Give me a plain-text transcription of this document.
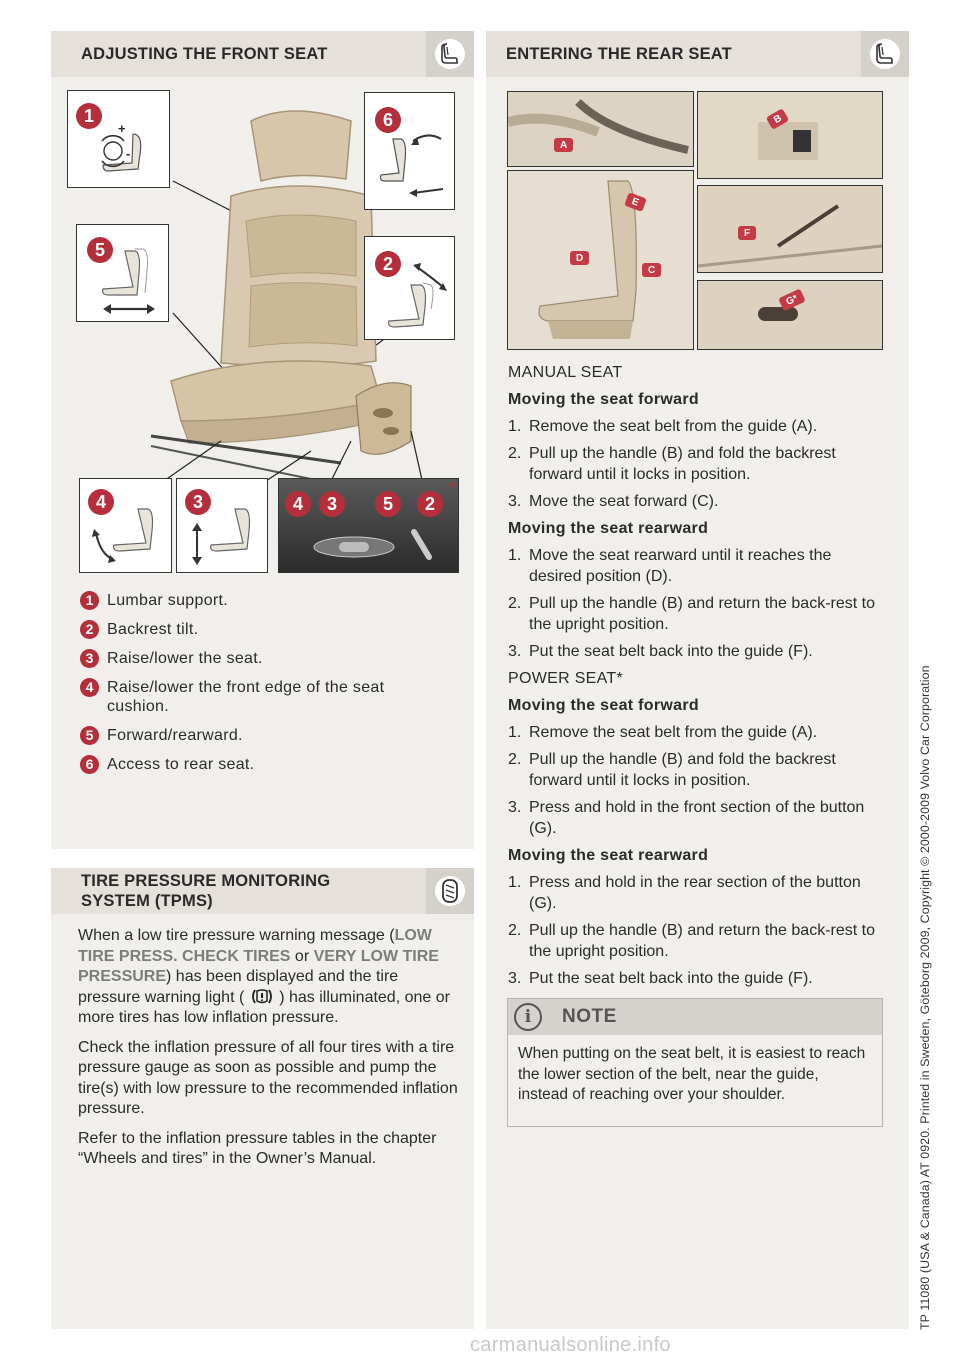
ADJUSTING THE FRONT SEAT
1
+
-
6
5
2
4	3	4	3	5	2
*
1 Lumbar support.
2 Backrest tilt.
3 Raise/lower the seat.
4 Raise/lower the front edge of the seat cushion.
5 Forward/rearward.
6 Access to rear seat.
TIRE PRESSURE MONITORING
SYSTEM (TPMS)

When a low tire pressure warning message (LOW TIRE PRESS. CHECK TIRES or VERY LOW TIRE PRESSURE) has been displayed and the tire pressure warning light ( ) has illuminated, one or more tires has low inflation pressure.

Check the inflation pressure of all four tires with a tire pressure gauge as soon as possible and pump the tire(s) with low pressure to the recommended inflation pressure.

Refer to the inflation pressure tables in the chapter “Wheels and tires” in the Owner’s Manual.

ENTERING THE REAR SEAT
A
B
E
D
C
F
G*
MANUAL SEAT
Moving the seat forward
1. Remove the seat belt from the guide (A).
2. Pull up the handle (B) and fold the backrest forward until it locks in position.
3. Move the seat forward (C).
Moving the seat rearward
1. Move the seat rearward until it reaches the desired position (D).
2. Pull up the handle (B) and return the back-rest to the upright position.
3. Put the seat belt back into the guide (F).
POWER SEAT*
Moving the seat forward
1. Remove the seat belt from the guide (A).
2. Pull up the handle (B) and fold the backrest forward until it locks in position.
3. Press and hold in the front section of the button (G).
Moving the seat rearward
1. Press and hold in the rear section of the button (G).
2. Pull up the handle (B) and return the back-rest to the upright position.
3. Put the seat belt back into the guide (F).
i	NOTE
When putting on the seat belt, it is easiest to reach the lower section of the belt, near the guide, instead of reaching over your shoulder.	TP 11080 (USA & Canada) AT 0920. Printed in Sweden, Göteborg 2009, Copyright © 2000-2009 Volvo Car Corporation
carmanualsonline.info
